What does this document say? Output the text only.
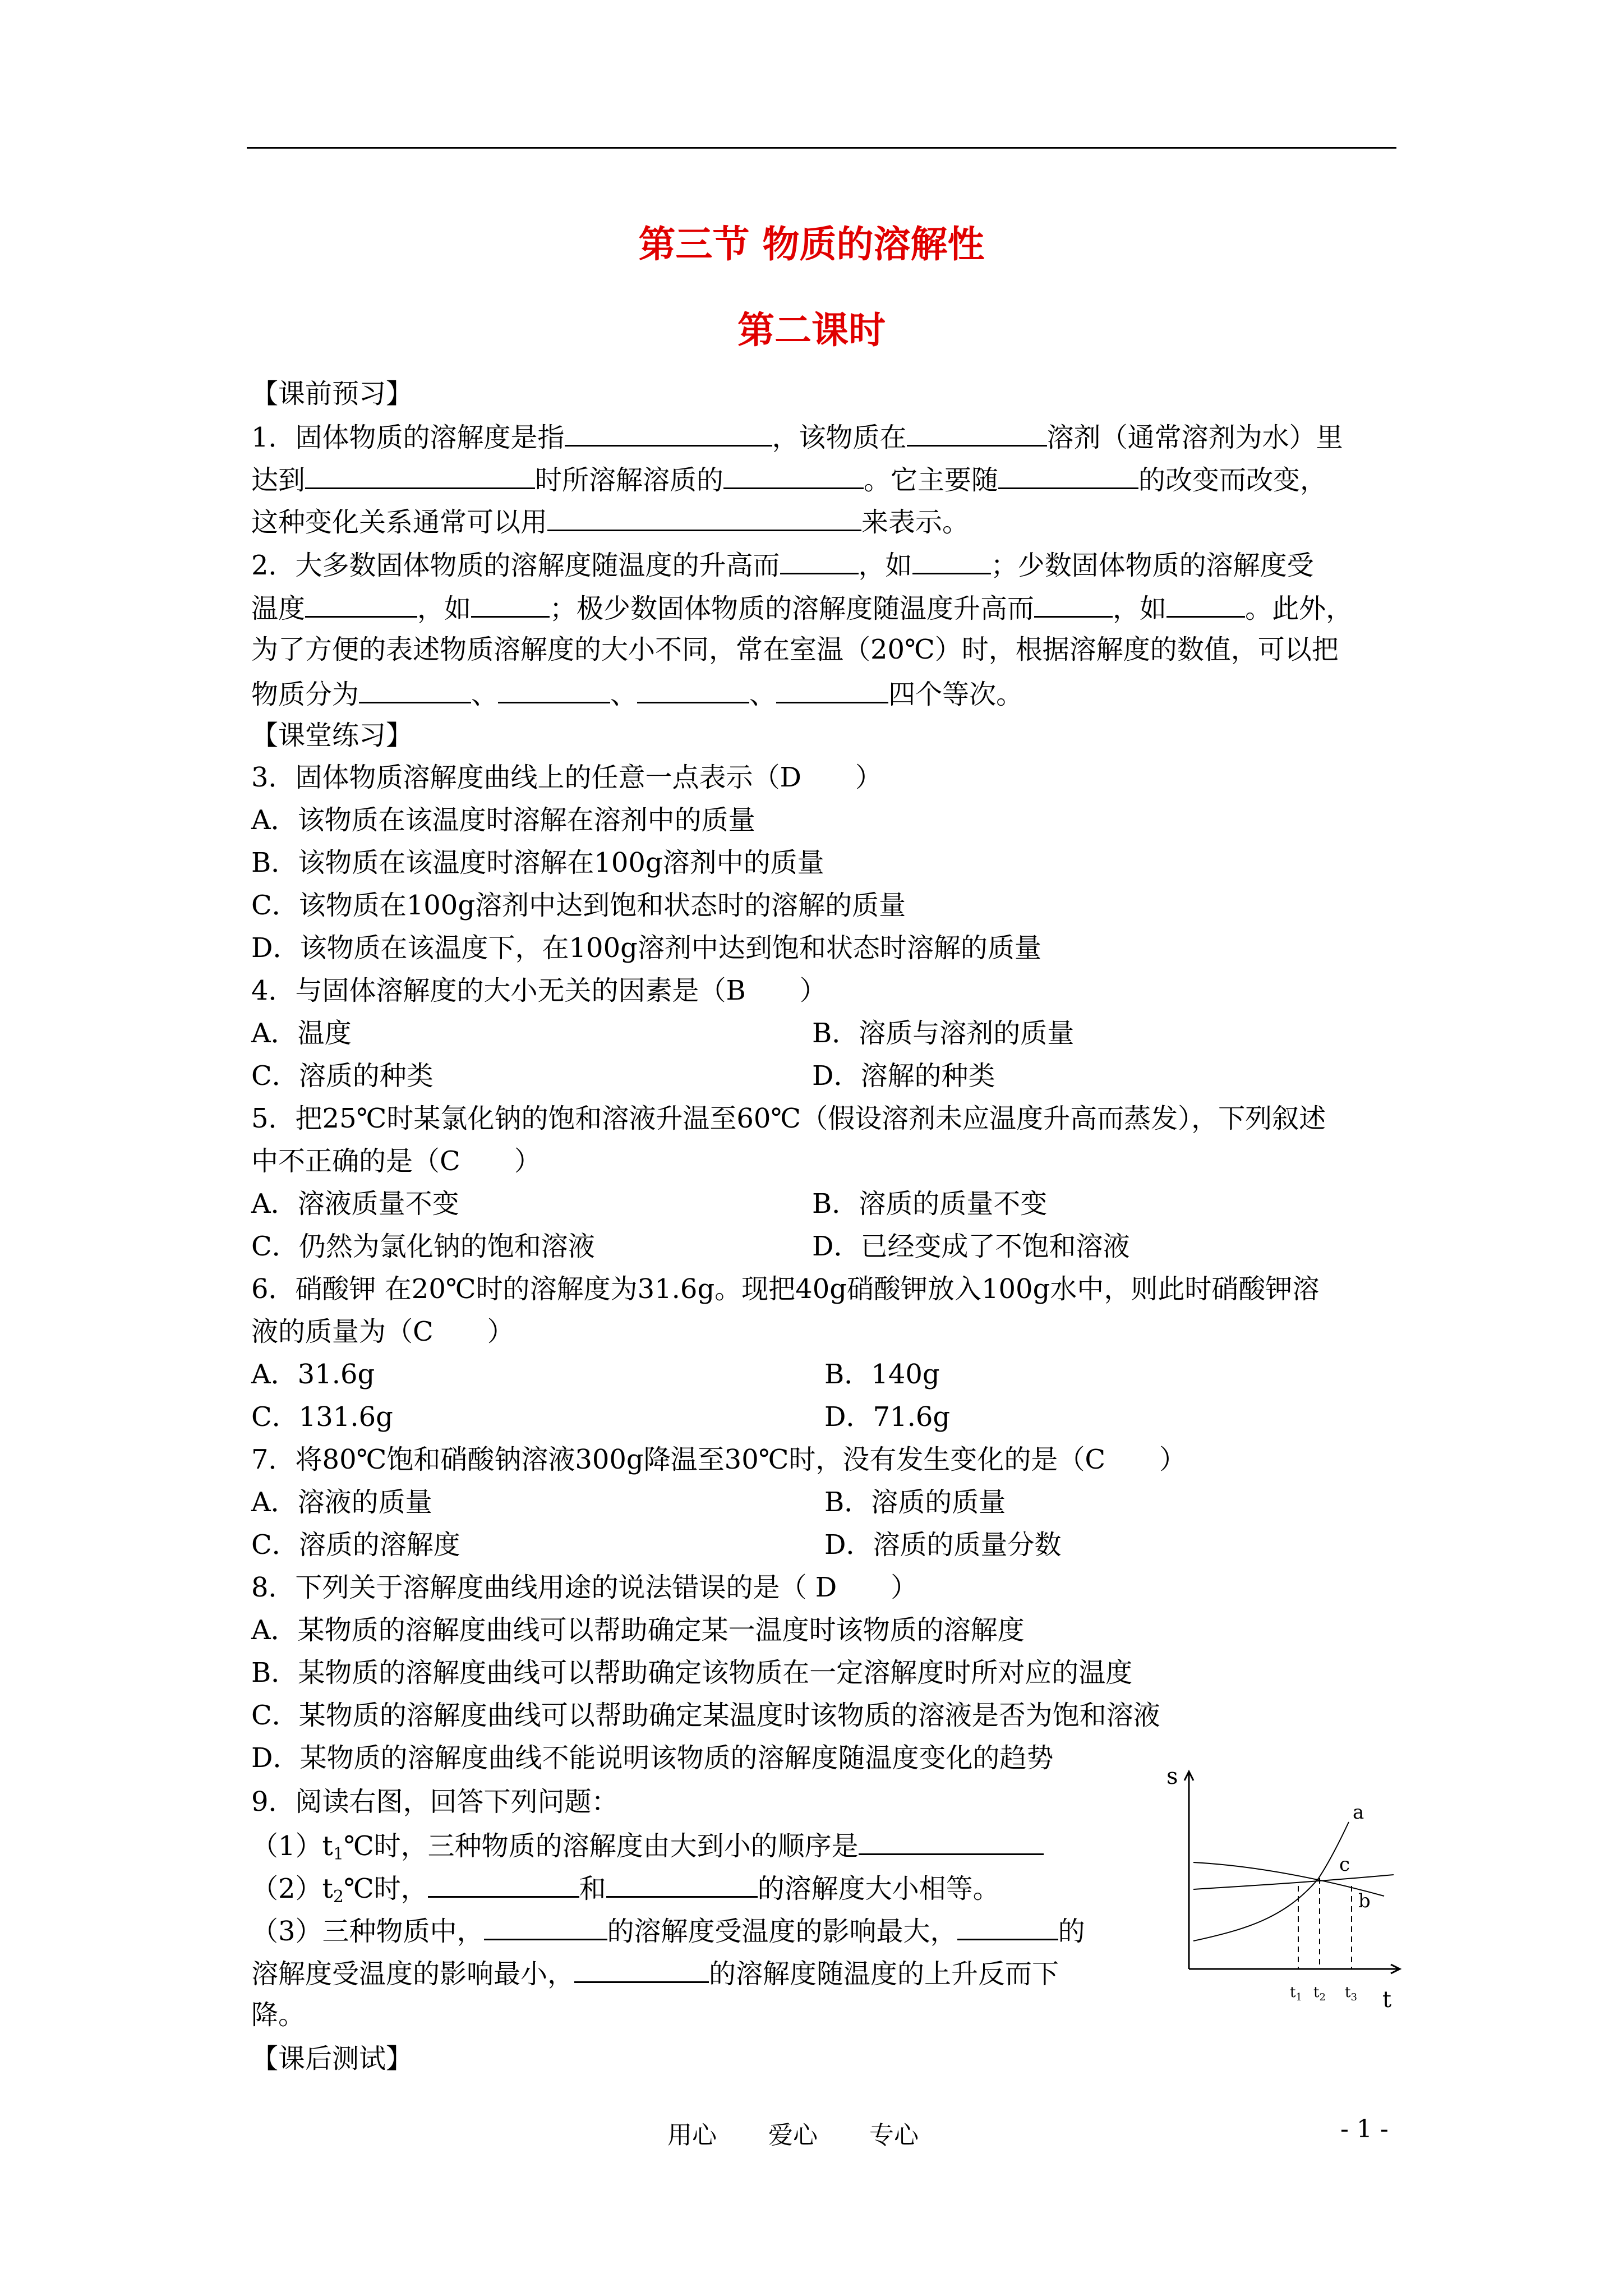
第三节 物质的溶解性
第二课时
【课前预习】
1．固体物质的溶解度是指	，该物质在	溶剂（通常溶剂为水）里
达到	时所溶解溶质的	。它主要随	的改变而改变，
这种变化关系通常可以用	来表示。
2．大多数固体物质的溶解度随温度的升高而	，如	；少数固体物质的溶解度受
温度	，如	；极少数固体物质的溶解度随温度升高而	，如	。此外，
为了方便的表述物质溶解度的大小不同，常在室温（20℃）时，根据溶解度的数值，可以把
物质分为	、	、	、	四个等次。
【课堂练习】
3．固体物质溶解度曲线上的任意一点表示（D　　）
A．该物质在该温度时溶解在溶剂中的质量
B．该物质在该温度时溶解在100g溶剂中的质量
C．该物质在100g溶剂中达到饱和状态时的溶解的质量
D．该物质在该温度下，在100g溶剂中达到饱和状态时溶解的质量
4．与固体溶解度的大小无关的因素是（B　　）
A．温度	B．溶质与溶剂的质量
C．溶质的种类	D．溶解的种类
5．把25℃时某氯化钠的饱和溶液升温至60℃（假设溶剂未应温度升高而蒸发），下列叙述
中不正确的是（C　　）
A．溶液质量不变	B．溶质的质量不变
C．仍然为氯化钠的饱和溶液	D．已经变成了不饱和溶液
6．硝酸钾 在20℃时的溶解度为31.6g。现把40g硝酸钾放入100g水中，则此时硝酸钾溶
液的质量为（C　　）
A．31.6g	B．140g
C．131.6g	D．71.6g
7．将80℃饱和硝酸钠溶液300g降温至30℃时，没有发生变化的是（C　　）
A．溶液的质量	B．溶质的质量
C．溶质的溶解度	D．溶质的质量分数
8．下列关于溶解度曲线用途的说法错误的是（ D　　）
A．某物质的溶解度曲线可以帮助确定某一温度时该物质的溶解度
B．某物质的溶解度曲线可以帮助确定该物质在一定溶解度时所对应的温度
C．某物质的溶解度曲线可以帮助确定某温度时该物质的溶液是否为饱和溶液
D．某物质的溶解度曲线不能说明该物质的溶解度随温度变化的趋势
9．阅读右图，回答下列问题：
$(1)t_1℃$时，三种物质的溶解度由大到小的顺序是
$(2)t_2℃$时，	和	的溶解度大小相等。
（3）三种物质中，	的溶解度受温度的影响最大，	的
溶解度受温度的影响最小，	的溶解度随温度的上升反而下
降。
【课后测试】
s
t
a
c
b
$t_1$ $t_2$ $t_3$
用心 爱心 专心	- 1 -
